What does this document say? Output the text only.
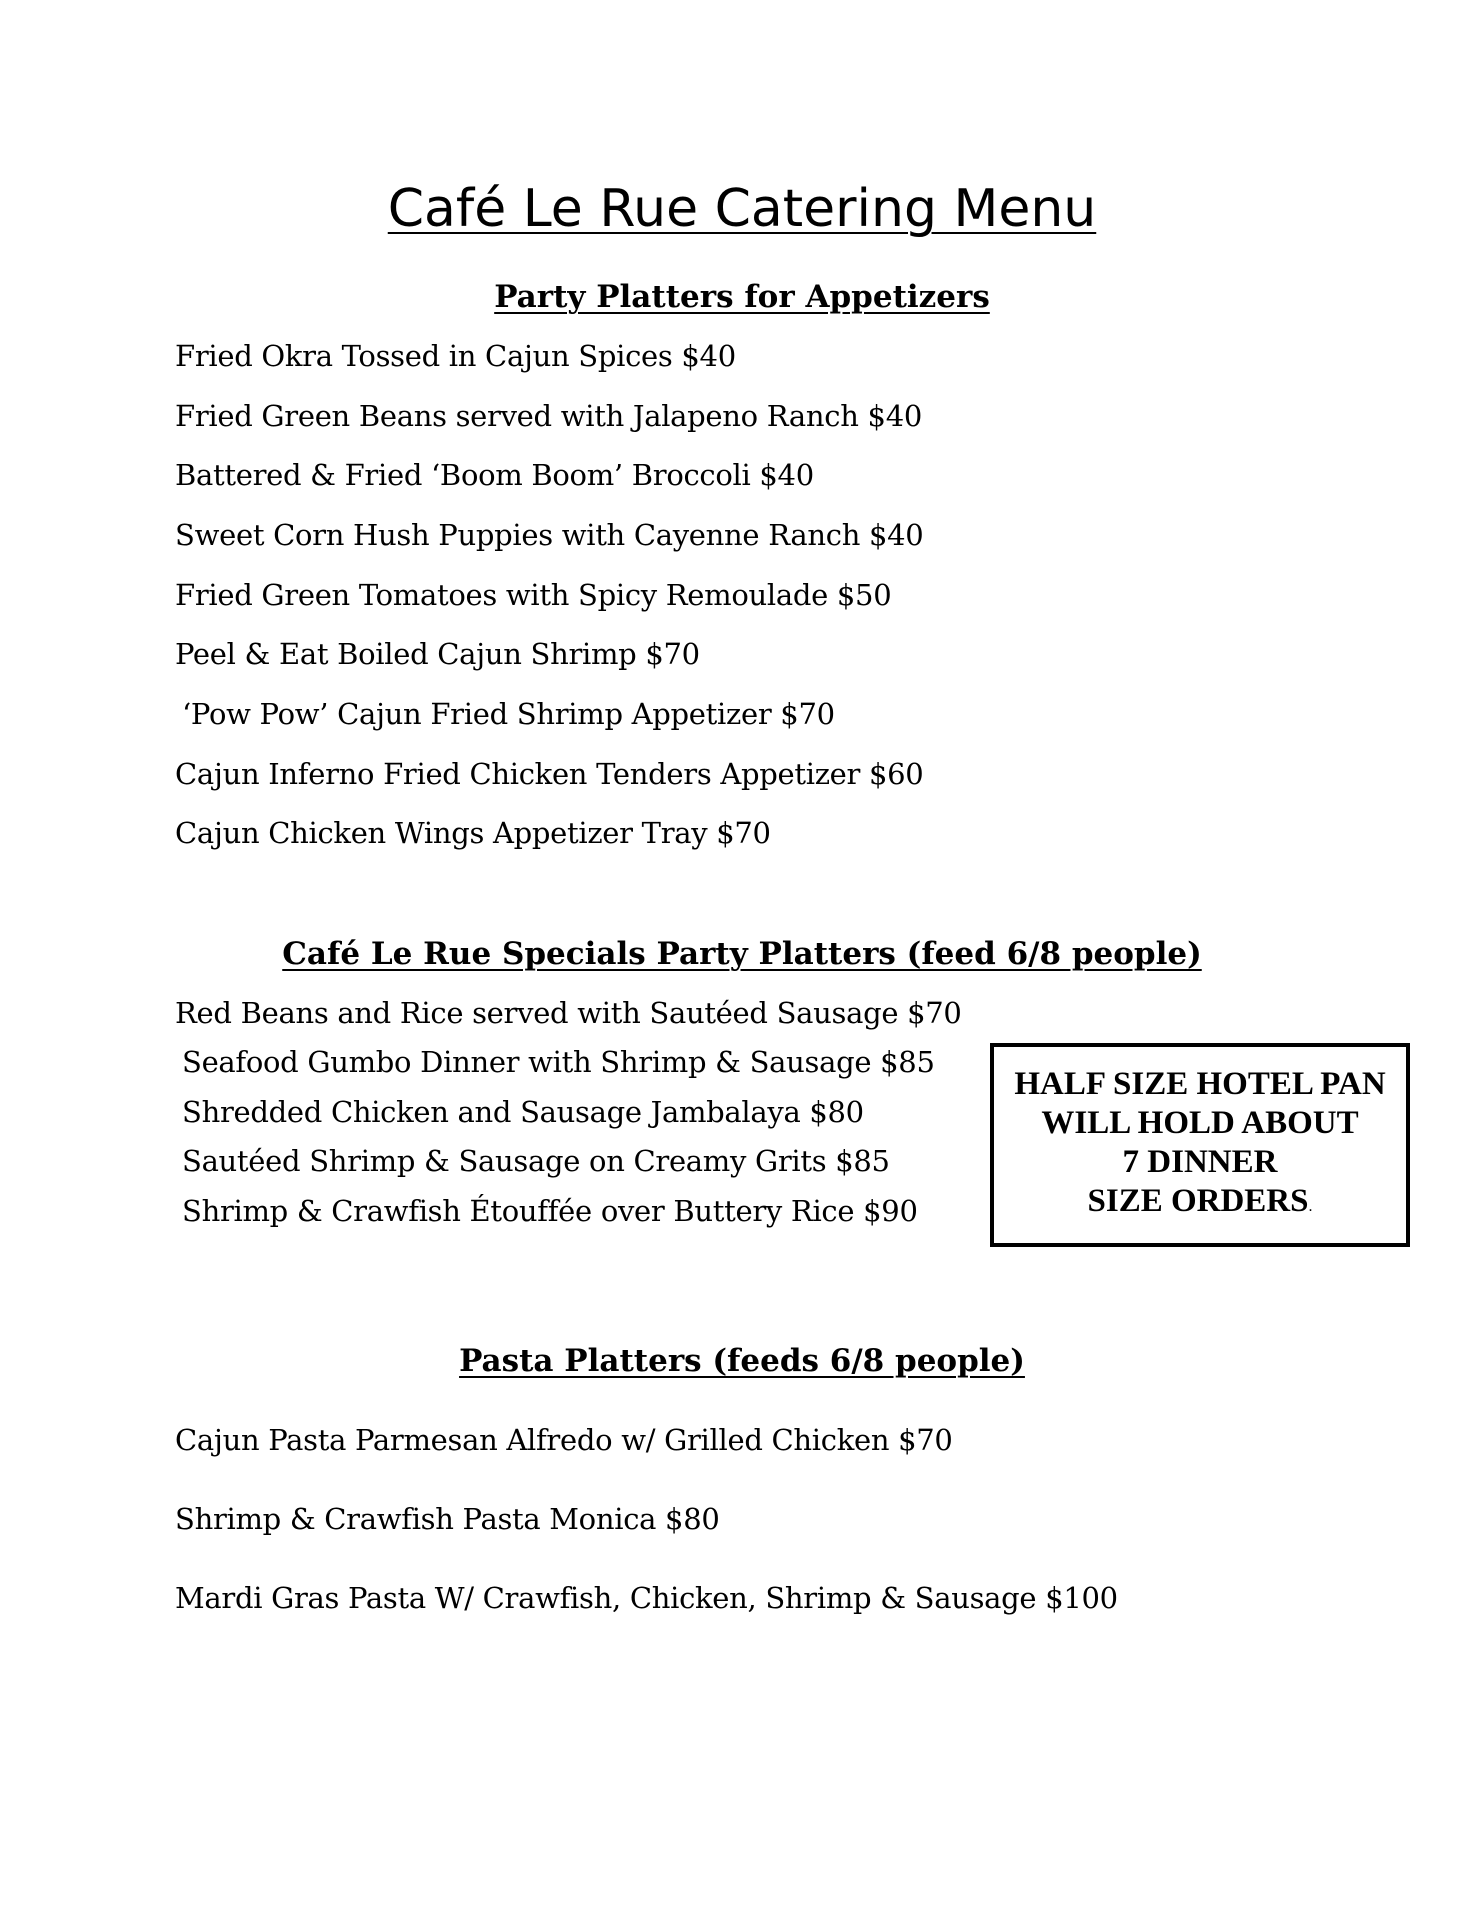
Café Le Rue Catering Menu
Party Platters for Appetizers
Fried Okra Tossed in Cajun Spices $40
Fried Green Beans served with Jalapeno Ranch $40
Battered & Fried ‘Boom Boom’ Broccoli $40
Sweet Corn Hush Puppies with Cayenne Ranch $40
Fried Green Tomatoes with Spicy Remoulade $50
Peel & Eat Boiled Cajun Shrimp $70
‘Pow Pow’ Cajun Fried Shrimp Appetizer $70
Cajun Inferno Fried Chicken Tenders Appetizer $60
Cajun Chicken Wings Appetizer Tray $70
Café Le Rue Specials Party Platters (feed 6/8 people)
Red Beans and Rice served with Sautéed Sausage $70
Seafood Gumbo Dinner with Shrimp & Sausage $85
Shredded Chicken and Sausage Jambalaya $80
Sautéed Shrimp & Sausage on Creamy Grits $85
Shrimp & Crawfish Étouffée over Buttery Rice $90
HALF SIZE HOTEL PAN
WILL HOLD ABOUT
7 DINNER
SIZE ORDERS.
Pasta Platters (feeds 6/8 people)
Cajun Pasta Parmesan Alfredo w/ Grilled Chicken $70
Shrimp & Crawfish Pasta Monica $80
Mardi Gras Pasta W/ Crawfish, Chicken, Shrimp & Sausage $100
